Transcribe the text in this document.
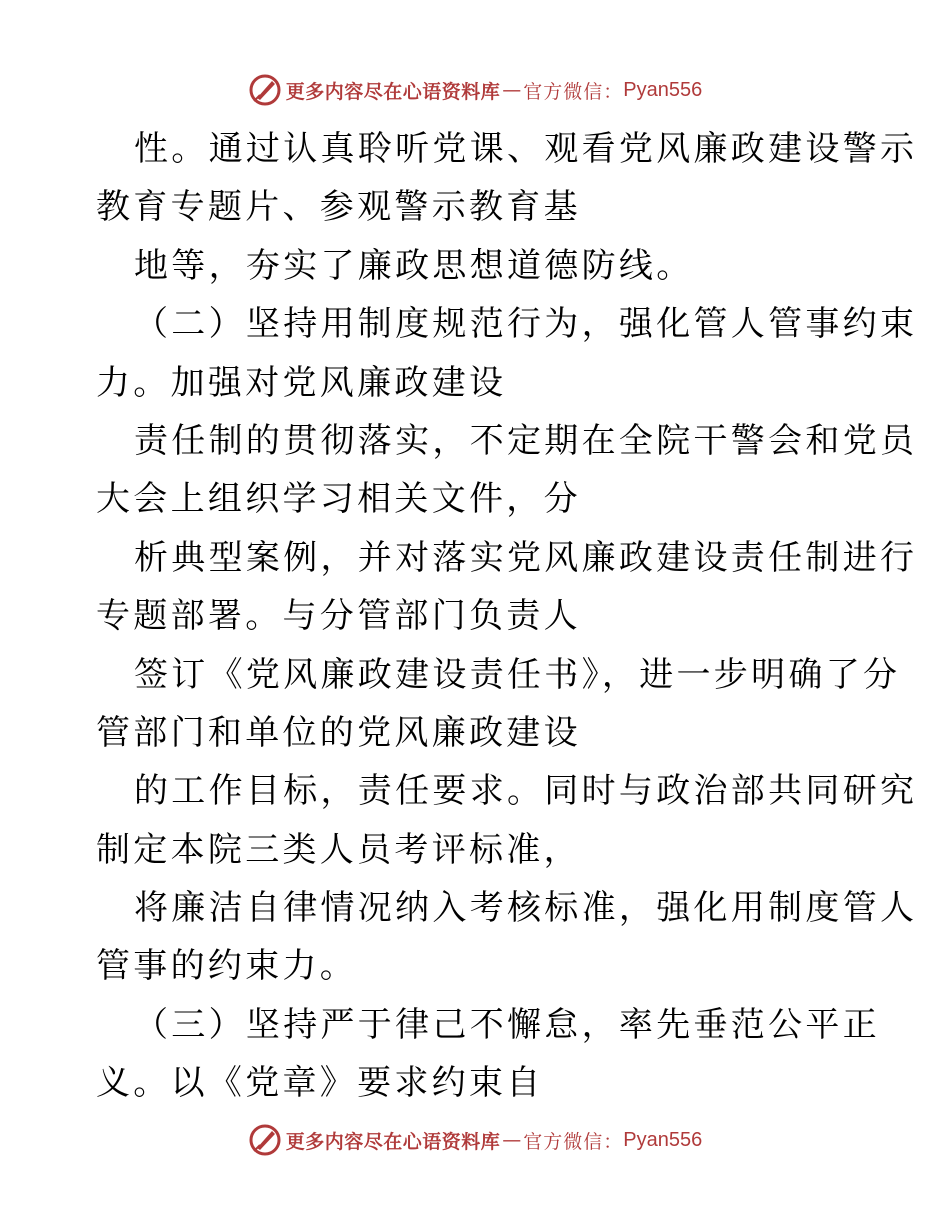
更多内容尽在心语资料库 — 官方微信： Pyan556
性。通过认真聆听党课、观看党风廉政建设警示
教育专题片、参观警示教育基
地等，夯实了廉政思想道德防线。
（二）坚持用制度规范行为，强化管人管事约束
力。加强对党风廉政建设
责任制的贯彻落实，不定期在全院干警会和党员
大会上组织学习相关文件，分
析典型案例，并对落实党风廉政建设责任制进行
专题部署。与分管部门负责人
签订《党风廉政建设责任书》，进一步明确了分
管部门和单位的党风廉政建设
的工作目标，责任要求。同时与政治部共同研究
制定本院三类人员考评标准，
将廉洁自律情况纳入考核标准，强化用制度管人
管事的约束力。
（三）坚持严于律己不懈怠，率先垂范公平正
义。以《党章》要求约束自
更多内容尽在心语资料库 — 官方微信： Pyan556
